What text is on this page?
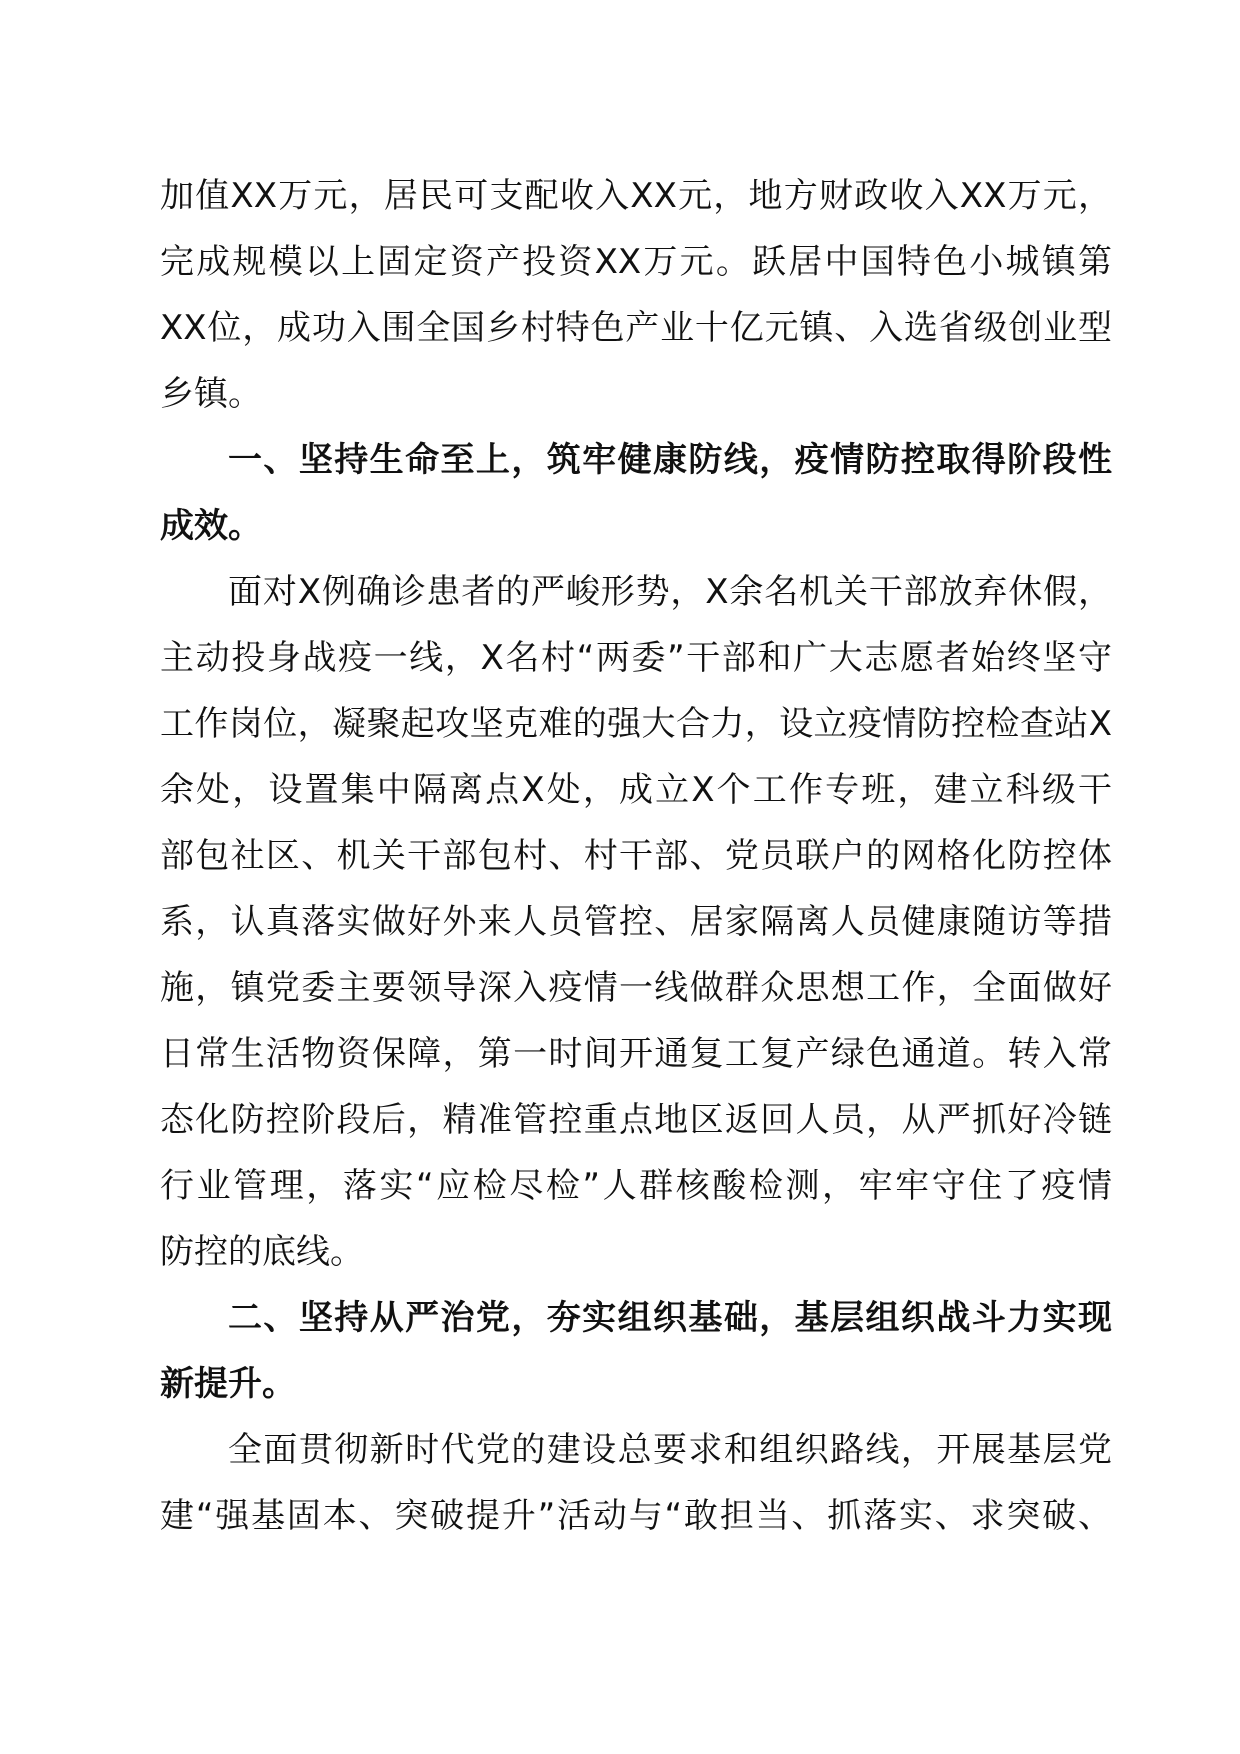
加值XX万元，居民可支配收入XX元，地方财政收入XX万元，
完成规模以上固定资产投资XX万元。跃居中国特色小城镇第
XX位，成功入围全国乡村特色产业十亿元镇、入选省级创业型
乡镇。
一、坚持生命至上，筑牢健康防线，疫情防控取得阶段性
成效。
面对X例确诊患者的严峻形势，X余名机关干部放弃休假，
主动投身战疫一线，X名村“两委”干部和广大志愿者始终坚守
工作岗位，凝聚起攻坚克难的强大合力，设立疫情防控检查站X
余处，设置集中隔离点X处，成立X个工作专班，建立科级干
部包社区、机关干部包村、村干部、党员联户的网格化防控体
系，认真落实做好外来人员管控、居家隔离人员健康随访等措
施，镇党委主要领导深入疫情一线做群众思想工作，全面做好
日常生活物资保障，第一时间开通复工复产绿色通道。转入常
态化防控阶段后，精准管控重点地区返回人员，从严抓好冷链
行业管理，落实“应检尽检”人群核酸检测，牢牢守住了疫情
防控的底线。
二、坚持从严治党，夯实组织基础，基层组织战斗力实现
新提升。
全面贯彻新时代党的建设总要求和组织路线，开展基层党
建“强基固本、突破提升”活动与“敢担当、抓落实、求突破、
